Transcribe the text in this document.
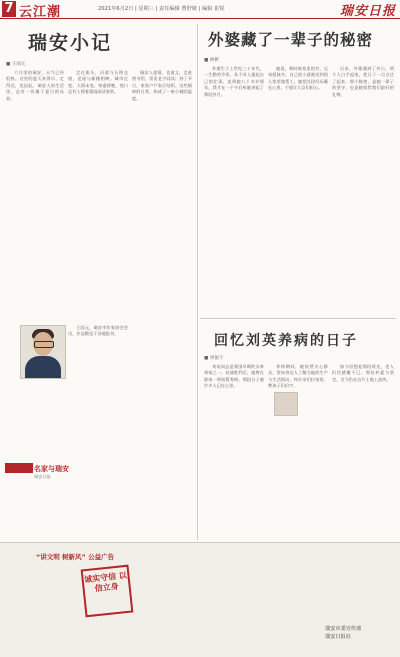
7 云江潮	2021年6月2日 | 星期三 | 责任编辑 曹舒婕 | 编辑 崔锐	瑞安日报
瑞安小记
■ 王国元

六月里的瑞安，天气已经很热。这里的夏天来得早，走得迟，也因此，瑞安人的生活里，总有一份属于夏日的从容。

走在街头，河道与石桥交错，老屋与新楼相映。城市在变，人情未变。每逢傍晚，巷口总有人摇着蒲扇闲话家常。

瑞安人重情，也重文。走进图书馆，常见老少同读；到了节日，家家户户张灯结彩。这些细碎的日常，构成了一座小城的温度。

王国元，瑞安市作家协会会员，作品散见于各地报刊。

名家与瑞安
瑞安日报
外婆藏了一辈子的秘密
■ 林彬

外婆生于上世纪三十年代，一生勤劳节俭，从不对人提起自己的往事。直到她八十多岁那年，我才在一个午后听她讲起了那段岁月。

她说，那时候家里很穷，兄弟姐妹多，自己很小就被送到别人家里做帮工。她把这段经历藏在心里，不愿让儿女们担心。

后来，外婆遇到了外公，两个人白手起家，把日子一点点过了起来。那个秘密，是她一辈子的坚守，也是她留给我们最好的礼物。

回忆刘英养病的日子
■ 周振宇

刘英同志是我国早期的女革命家之一。抗战胜利后，她曾在浙南一带短暂养病，那段日子被许多人记在心里。

养病期间，她依然关心群众，常向身边人了解当地的生产与生活情况，和乡亲们拉家常，教孩子们识字。

如今回想起那段时光，老人们仍感慨不已。那份朴素与坚定，至今仍在这片土地上流传。

“讲文明 树新风” 公益广告
诚实守信 以信立身
瑞安市委宣传部
瑞安日报社
